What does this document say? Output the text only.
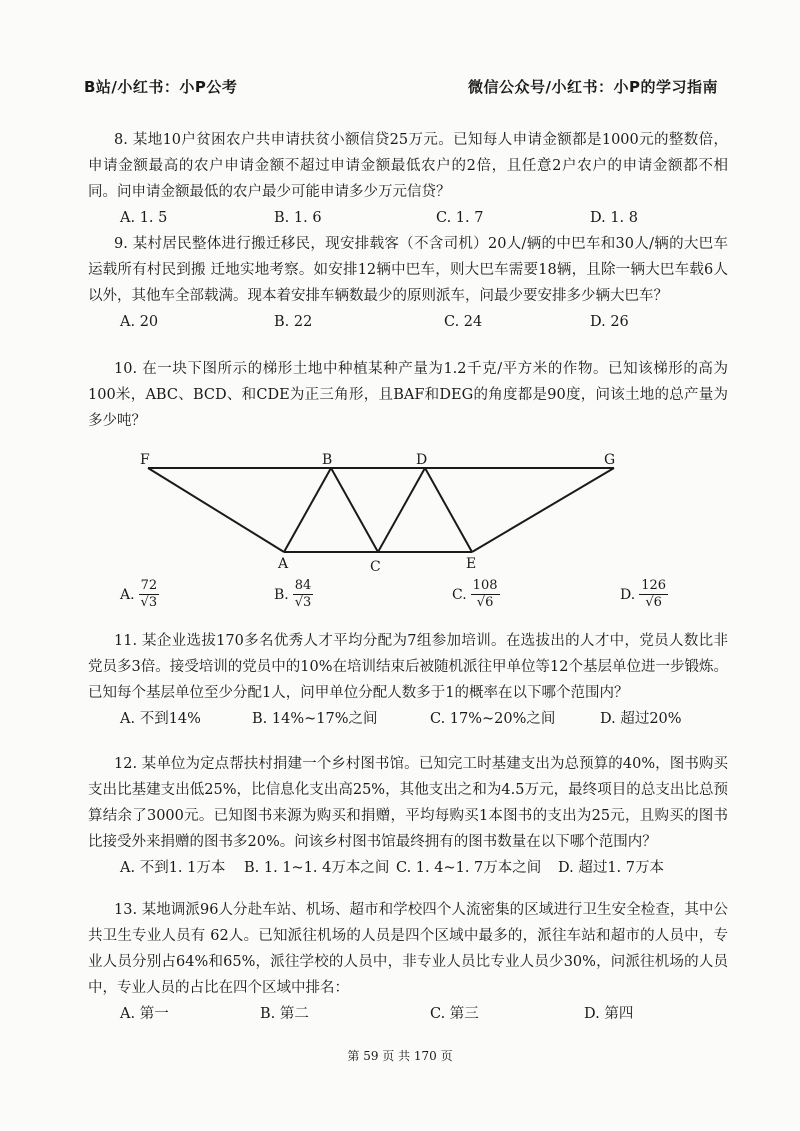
B站/小红书：小P公考	微信公众号/小红书：小P的学习指南

8. 某地10户贫困农户共申请扶贫小额信贷25万元。已知每人申请金额都是1000元的整数倍，申请金额最高的农户申请金额不超过申请金额最低农户的2倍，且任意2户农户的申请金额都不相同。问申请金额最低的农户最少可能申请多少万元信贷？

A. 1. 5	B. 1. 6	C. 1. 7	D. 1. 8

9. 某村居民整体进行搬迁移民，现安排载客（不含司机）20人/辆的中巴车和30人/辆的大巴车运载所有村民到搬 迁地实地考察。如安排12辆中巴车，则大巴车需要18辆，且除一辆大巴车载6人以外，其他车全部载满。现本着安排车辆数最少的原则派车，问最少要安排多少辆大巴车？

A. 20	B. 22	C. 24	D. 26

10. 在一块下图所示的梯形土地中种植某种产量为1.2千克/平方米的作物。已知该梯形的高为100米，ABC、BCD、和CDE为正三角形，且BAF和DEG的角度都是90度，问该土地的总产量为多少吨？

F	B	D	G
A	C	E
A. $\frac{72}{√3}$	B. $\frac{84}{√3}$	C. $\frac{108}{√6}$	D. $\frac{126}{√6}$

11. 某企业选拔170多名优秀人才平均分配为7组参加培训。在选拔出的人才中，党员人数比非党员多3倍。接受培训的党员中的10%在培训结束后被随机派往甲单位等12个基层单位进一步锻炼。已知每个基层单位至少分配1人，问甲单位分配人数多于1的概率在以下哪个范围内？

A. 不到14%	B. 14%~17%之间	C. 17%~20%之间	D. 超过20%

12. 某单位为定点帮扶村捐建一个乡村图书馆。已知完工时基建支出为总预算的40%，图书购买支出比基建支出低25%，比信息化支出高25%，其他支出之和为4.5万元，最终项目的总支出比总预算结余了3000元。已知图书来源为购买和捐赠，平均每购买1本图书的支出为25元，且购买的图书比接受外来捐赠的图书多20%。问该乡村图书馆最终拥有的图书数量在以下哪个范围内？

A. 不到1. 1万本 B. 1. 1~1. 4万本之间 C. 1. 4~1. 7万本之间 D. 超过1. 7万本

13. 某地调派96人分赴车站、机场、超市和学校四个人流密集的区域进行卫生安全检查，其中公共卫生专业人员有 62人。已知派往机场的人员是四个区域中最多的，派往车站和超市的人员中，专业人员分别占64%和65%，派往学校的人员中，非专业人员比专业人员少30%，问派往机场的人员中，专业人员的占比在四个区域中排名：

A. 第一	B. 第二	C. 第三	D. 第四
第 59 页 共 170 页
